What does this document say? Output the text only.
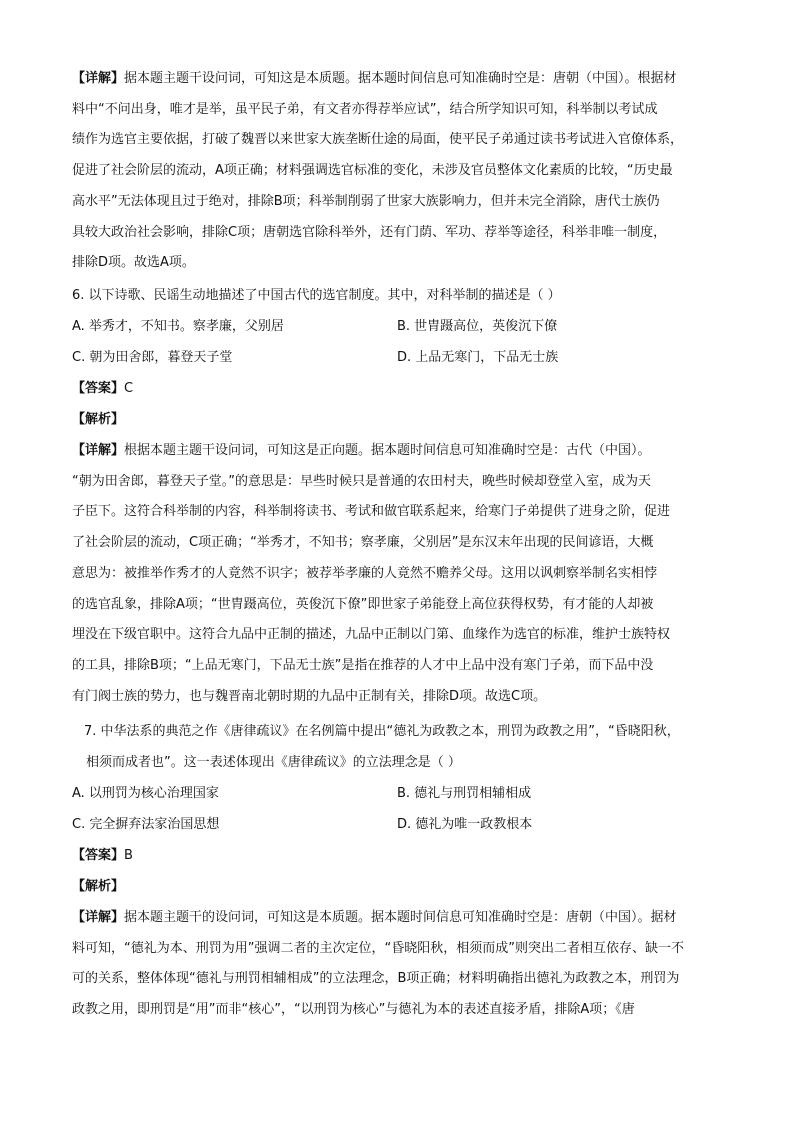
【详解】据本题主题干设问词，可知这是本质题。据本题时间信息可知准确时空是：唐朝（中国）。根据材
料中“不问出身，唯才是举，虽平民子弟，有文者亦得荐举应试”，结合所学知识可知，科举制以考试成
绩作为选官主要依据，打破了魏晋以来世家大族垄断仕途的局面，使平民子弟通过读书考试进入官僚体系，
促进了社会阶层的流动，A项正确；材料强调选官标准的变化，未涉及官员整体文化素质的比较，“历史最
高水平”无法体现且过于绝对，排除B项；科举制削弱了世家大族影响力，但并未完全消除，唐代士族仍
具较大政治社会影响，排除C项；唐朝选官除科举外，还有门荫、军功、荐举等途径，科举非唯一制度，
排除D项。故选A项。
6. 以下诗歌、民谣生动地描述了中国古代的选官制度。其中，对科举制的描述是（ ）
A. 举秀才，不知书。察孝廉，父别居	B. 世胄蹑高位，英俊沉下僚
C. 朝为田舍郎，暮登天子堂	D. 上品无寒门，下品无士族
【答案】C
【解析】
【详解】根据本题主题干设问词，可知这是正向题。据本题时间信息可知准确时空是：古代（中国）。
“朝为田舍郎，暮登天子堂。”的意思是：早些时候只是普通的农田村夫，晚些时候却登堂入室，成为天
子臣下。这符合科举制的内容，科举制将读书、考试和做官联系起来，给寒门子弟提供了进身之阶，促进
了社会阶层的流动，C项正确；“举秀才，不知书；察孝廉，父别居”是东汉末年出现的民间谚语，大概
意思为：被推举作秀才的人竟然不识字；被荐举孝廉的人竟然不赡养父母。这用以讽刺察举制名实相悖
的选官乱象，排除A项；“世胄蹑高位，英俊沉下僚”即世家子弟能登上高位获得权势，有才能的人却被
埋没在下级官职中。这符合九品中正制的描述，九品中正制以门第、血缘作为选官的标准，维护士族特权
的工具，排除B项；“上品无寒门，下品无士族”是指在推荐的人才中上品中没有寒门子弟，而下品中没
有门阀士族的势力，也与魏晋南北朝时期的九品中正制有关，排除D项。故选C项。
7. 中华法系的典范之作《唐律疏议》在名例篇中提出“德礼为政教之本，刑罚为政教之用”，“昏晓阳秋，
相须而成者也”。这一表述体现出《唐律疏议》的立法理念是（ ）
A. 以刑罚为核心治理国家	B. 德礼与刑罚相辅相成
C. 完全摒弃法家治国思想	D. 德礼为唯一政教根本
【答案】B
【解析】
【详解】据本题主题干的设问词，可知这是本质题。据本题时间信息可知准确时空是：唐朝（中国）。据材
料可知，“德礼为本、刑罚为用”强调二者的主次定位，“昏晓阳秋，相须而成”则突出二者相互依存、缺一不
可的关系，整体体现“德礼与刑罚相辅相成”的立法理念，B项正确；材料明确指出德礼为政教之本，刑罚为
政教之用，即刑罚是“用”而非“核心”，“以刑罚为核心”与德礼为本的表述直接矛盾，排除A项；《唐
